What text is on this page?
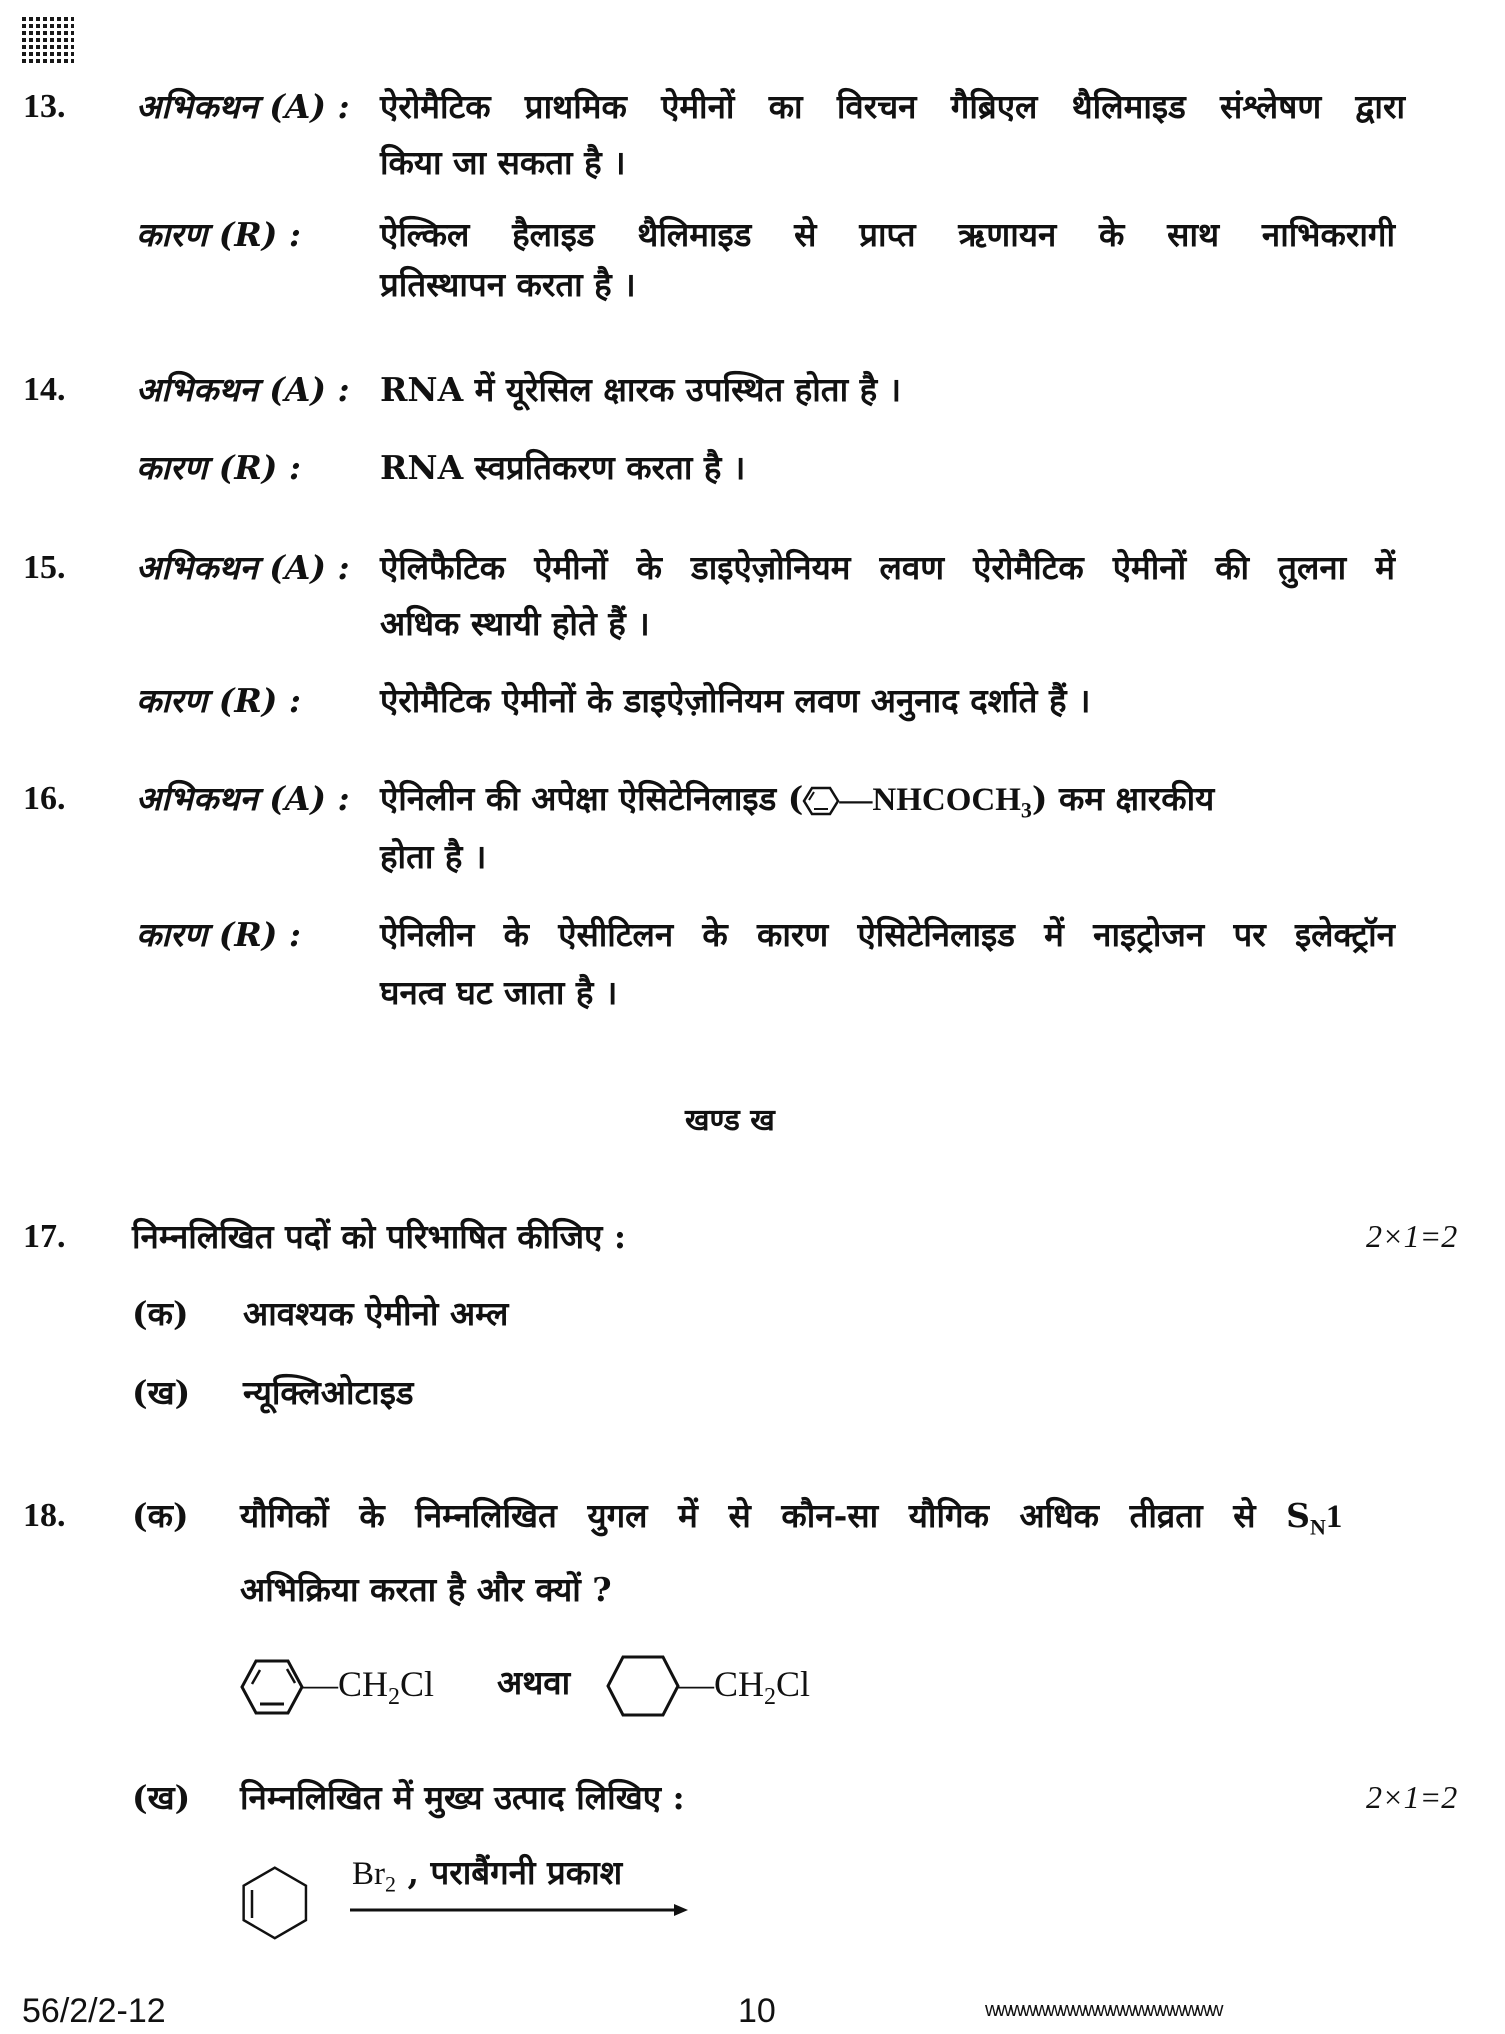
13. अभिकथन (A) : ऐरोमैटिक प्राथमिक ऐमीनों का विरचन गैब्रिएल थैलिमाइड संश्लेषण द्वारा
किया जा सकता है ।
कारण (R) : ऐल्किल हैलाइड थैलिमाइड से प्राप्त ऋणायन के साथ नाभिकरागी
प्रतिस्थापन करता है ।
14. अभिकथन (A) : RNA में यूरेसिल क्षारक उपस्थित होता है ।
कारण (R) : RNA स्वप्रतिकरण करता है ।
15. अभिकथन (A) : ऐलिफैटिक ऐमीनों के डाइऐज़ोनियम लवण ऐरोमैटिक ऐमीनों की तुलना में
अधिक स्थायी होते हैं ।
कारण (R) : ऐरोमैटिक ऐमीनों के डाइऐज़ोनियम लवण अनुनाद दर्शाते हैं ।
16. अभिकथन (A) : ऐनिलीन की अपेक्षा ऐसिटेनिलाइड ( $—NHCOCH_3$) कम क्षारकीय
होता है ।
कारण (R) : ऐनिलीन के ऐसीटिलन के कारण ऐसिटेनिलाइड में नाइट्रोजन पर इलेक्ट्रॉन
घनत्व घट जाता है ।
खण्ड ख
17. निम्नलिखित पदों को परिभाषित कीजिए :	2×1=2
(क) आवश्यक ऐमीनो अम्ल
(ख) न्यूक्लिओटाइड
18. (क) यौगिकों के निम्नलिखित युगल में से कौन-सा यौगिक अधिक तीव्रता से $S_N1$
अभिक्रिया करता है और क्यों ?
$—CH_2Cl$ अथवा	$—CH_2Cl$
(ख) निम्नलिखित में मुख्य उत्पाद लिखिए :	2×1=2
$Br_2$ , पराबैंगनी प्रकाश
56/2/2-12	10	wwwwwwwwwwwwwwwwwww
